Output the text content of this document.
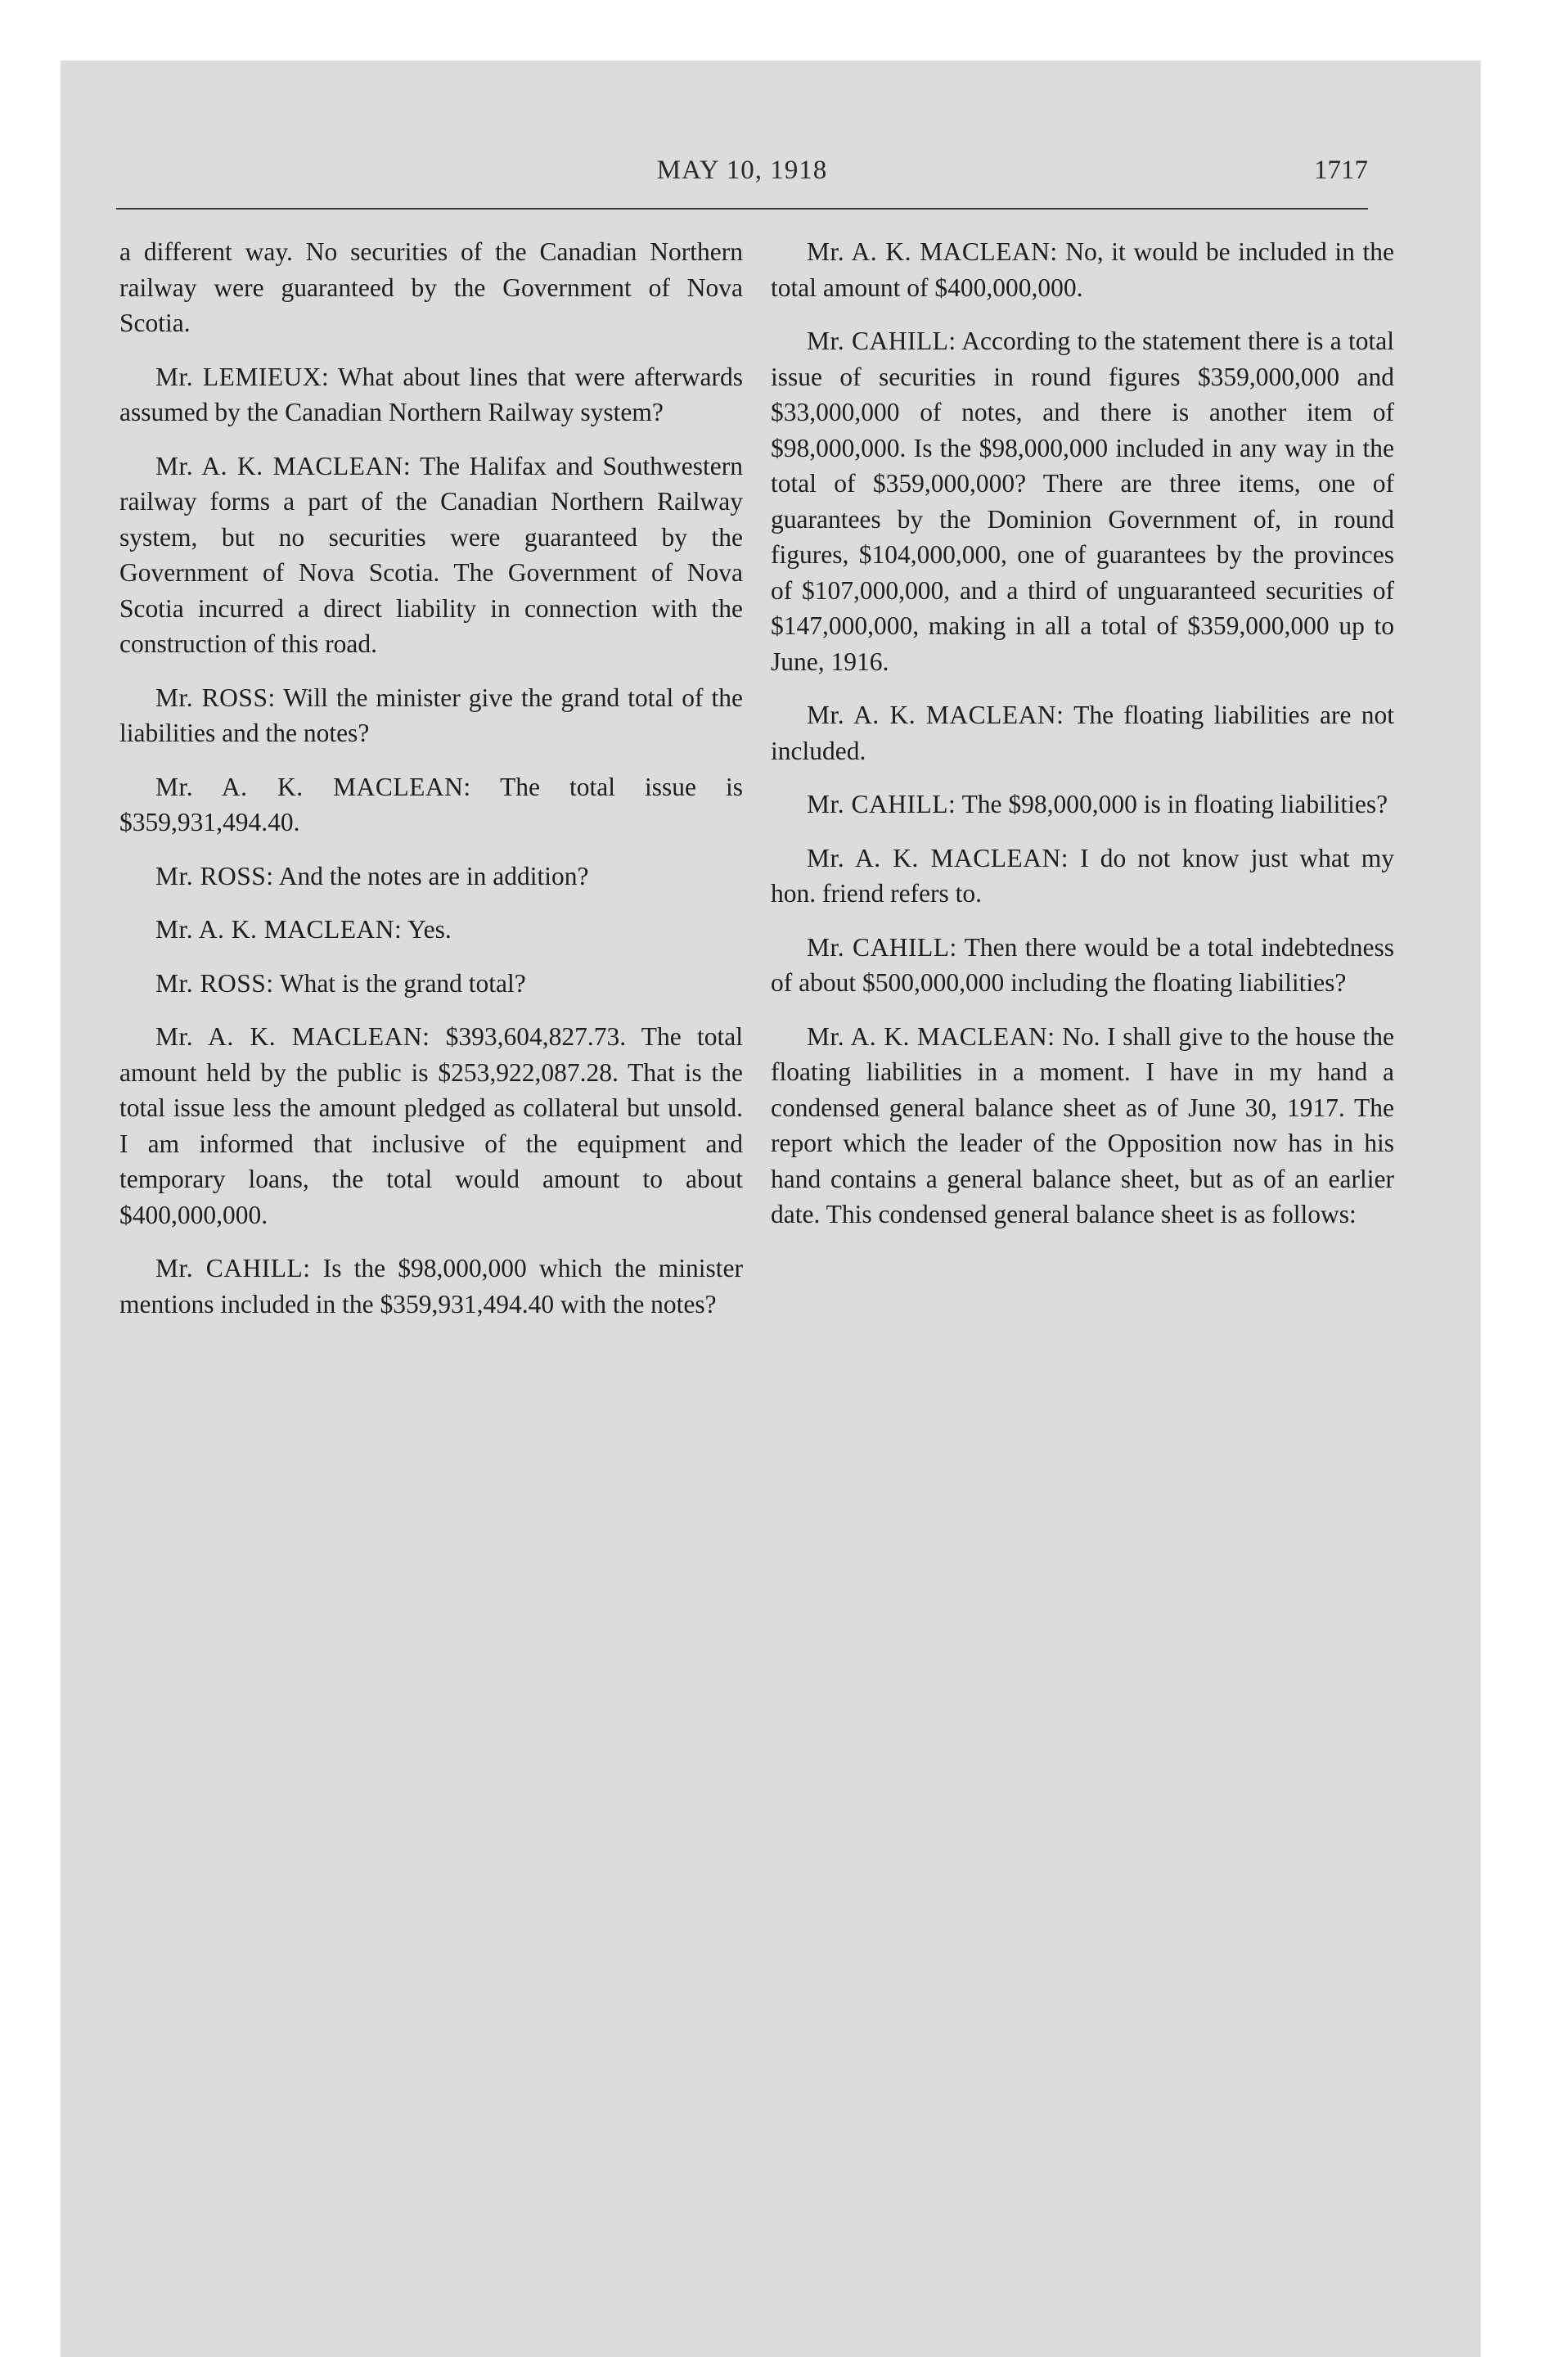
MAY 10, 1918	1717

a different way. No securities of the Canadian Northern railway were guaranteed by the Government of Nova Scotia.

Mr. LEMIEUX: What about lines that were afterwards assumed by the Canadian Northern Railway system?

Mr. A. K. MACLEAN: The Halifax and Southwestern railway forms a part of the Canadian Northern Railway system, but no securities were guaranteed by the Government of Nova Scotia. The Government of Nova Scotia incurred a direct liability in connection with the construction of this road.

Mr. ROSS: Will the minister give the grand total of the liabilities and the notes?

Mr. A. K. MACLEAN: The total issue is $359,931,494.40.

Mr. ROSS: And the notes are in addition?

Mr. A. K. MACLEAN: Yes.

Mr. ROSS: What is the grand total?

Mr. A. K. MACLEAN: $393,604,827.73. The total amount held by the public is $253,922,087.28. That is the total issue less the amount pledged as collateral but unsold. I am informed that inclusive of the equipment and temporary loans, the total would amount to about $400,000,000.

Mr. CAHILL: Is the $98,000,000 which the minister mentions included in the $359,931,494.40 with the notes?

Mr. A. K. MACLEAN: No, it would be included in the total amount of $400,000,000.

Mr. CAHILL: According to the statement there is a total issue of securities in round figures $359,000,000 and $33,000,000 of notes, and there is another item of $98,000,000. Is the $98,000,000 included in any way in the total of $359,000,000? There are three items, one of guarantees by the Dominion Government of, in round figures, $104,000,000, one of guarantees by the provinces of $107,000,000, and a third of unguaranteed securities of $147,000,000, making in all a total of $359,000,000 up to June, 1916.

Mr. A. K. MACLEAN: The floating liabilities are not included.

Mr. CAHILL: The $98,000,000 is in floating liabilities?

Mr. A. K. MACLEAN: I do not know just what my hon. friend refers to.

Mr. CAHILL: Then there would be a total indebtedness of about $500,000,000 including the floating liabilities?

Mr. A. K. MACLEAN: No. I shall give to the house the floating liabilities in a moment. I have in my hand a condensed general balance sheet as of June 30, 1917. The report which the leader of the Opposition now has in his hand contains a general balance sheet, but as of an earlier date. This condensed general balance sheet is as follows:
